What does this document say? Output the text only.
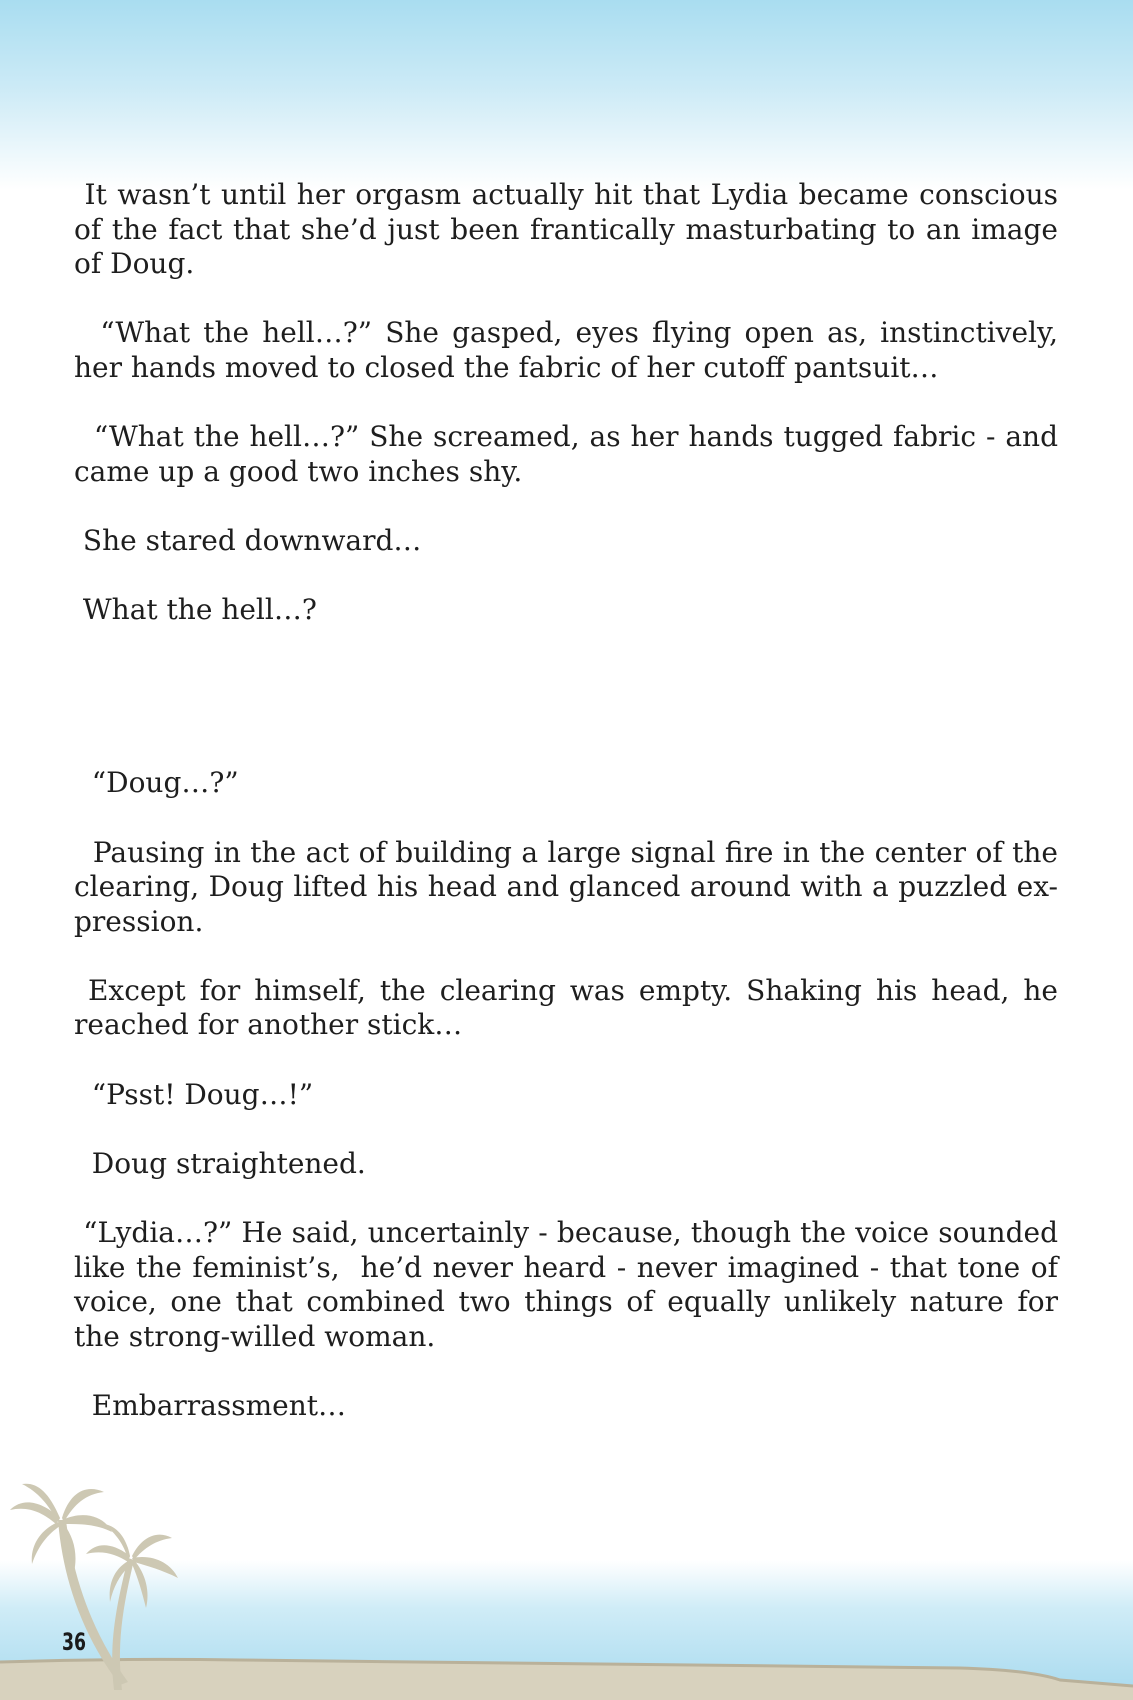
It wasn’t until her orgasm actually hit that Lydia became conscious of the fact that she’d just been frantically masturbating to an image of Doug.

“What the hell…?” She gasped, eyes flying open as, instinctively, her hands moved to closed the fabric of her cutoff pantsuit…

“What the hell…?” She screamed, as her hands tugged fabric - and came up a good two inches shy.

She stared downward…

What the hell…?

“Doug…?”

Pausing in the act of building a large signal fire in the center of the clearing, Doug lifted his head and glanced around with a puzzled ex-pression.

Except for himself, the clearing was empty. Shaking his head, he reached for another stick…

“Psst! Doug…!”

Doug straightened.

“Lydia…?” He said, uncertainly - because, though the voice sounded like the feminist’s,  he’d never heard - never imagined - that tone of voice, one that combined two things of equally unlikely nature for the strong-willed woman.

Embarrassment…

36
